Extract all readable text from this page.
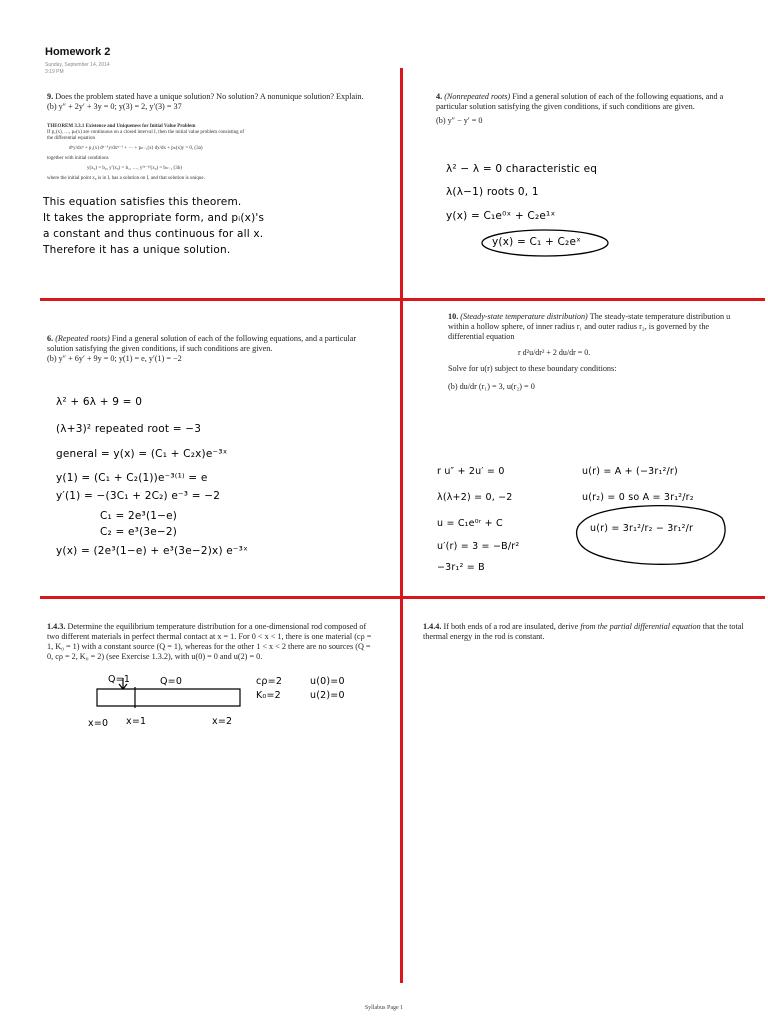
Homework 2
Sunday, September 14, 2014
3:19 PM
9. Does the problem stated have a unique solution? No solution? A nonunique solution? Explain.
(b) y″ + 2y′ + 3y = 0; y(3) = 2, y′(3) = 37
THEOREM 3.3.1 Existence and Uniqueness for Initial Value Problem
If p₁(x), …, pₙ(x) are continuous on a closed interval I, then the initial value problem consisting of the differential equation
dⁿy/dxⁿ + p₁(x) dⁿ⁻¹y/dxⁿ⁻¹ + ··· + pₙ₋₁(x) dy/dx + pₙ(x)y = 0, (3a)
together with initial conditions
y(x₀) = b₀, y′(x₀) = b₁, …, y⁽ⁿ⁻¹⁾(x₀) = bₙ₋₁ (3b)
where the initial point x₀ is in I, has a solution on I, and that solution is unique.
This equation satisfies this theorem.
It takes the appropriate form, and pᵢ(x)'s
a constant and thus continuous for all x.
Therefore it has a unique solution.
4. (Nonrepeated roots) Find a general solution of each of the following equations, and a particular solution satisfying the given conditions, if such conditions are given.
(b) y″ − y′ = 0
λ² − λ = 0 characteristic eq
λ(λ−1) roots 0, 1
y(x) = C₁e⁰ˣ + C₂e¹ˣ
y(x) = C₁ + C₂eˣ
6. (Repeated roots) Find a general solution of each of the following equations, and a particular solution satisfying the given conditions, if such conditions are given.
(b) y″ + 6y′ + 9y = 0; y(1) = e, y′(1) = −2
λ² + 6λ + 9 = 0
(λ+3)² repeated root = −3
general = y(x) = (C₁ + C₂x)e⁻³ˣ
y(1) = (C₁ + C₂(1))e⁻³⁽¹⁾ = e
y′(1) = −(3C₁ + 2C₂) e⁻³ = −2
C₁ = 2e³(1−e)
C₂ = e³(3e−2)
y(x) = (2e³(1−e) + e³(3e−2)x) e⁻³ˣ
10. (Steady-state temperature distribution) The steady-state temperature distribution u within a hollow sphere, of inner radius r₁ and outer radius r₂, is governed by the differential equation
r d²u/dr² + 2 du/dr = 0.
Solve for u(r) subject to these boundary conditions:
(b) du/dr (r₁) = 3, u(r₂) = 0
r u″ + 2u′ = 0
λ(λ+2) = 0, −2
u = C₁e⁰ʳ + C
u′(r) = 3 = −B/r²
−3r₁² = B
u(r) = A + (−3r₁²/r)
u(r₂) = 0 so A = 3r₁²/r₂
u(r) = 3r₁²/r₂ − 3r₁²/r
1.4.3. Determine the equilibrium temperature distribution for a one-dimensional rod composed of two different materials in perfect thermal contact at x = 1. For 0 < x < 1, there is one material (cρ = 1, K₀ = 1) with a constant source (Q = 1), whereas for the other 1 < x < 2 there are no sources (Q = 0, cρ = 2, K₀ = 2) (see Exercise 1.3.2), with u(0) = 0 and u(2) = 0.
Q=1	Q=0	cρ=2
K₀=2
u(0)=0
u(2)=0
x=0 x=1	x=2
1.4.4. If both ends of a rod are insulated, derive from the partial differential equation that the total thermal energy in the rod is constant.
Syllabus Page 1
